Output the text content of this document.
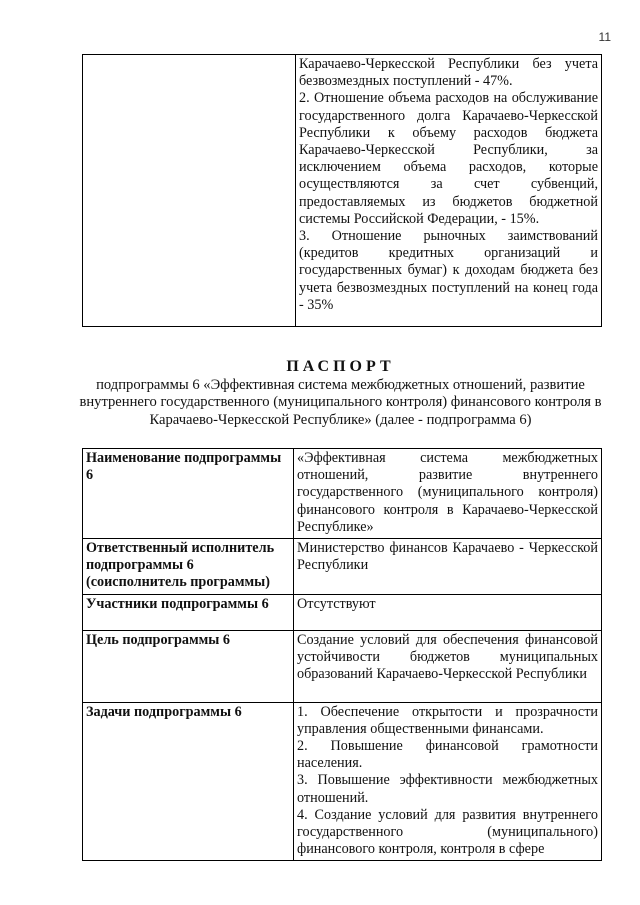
11

Карачаево-Черкесской Республики без учета безвозмездных поступлений - 47%.
2. Отношение объема расходов на обслуживание государственного долга Карачаево-Черкесской Республики к объему расходов бюджета Карачаево-Черкесской Республики, за исключением объема расходов, которые осуществляются за счет субвенций, предоставляемых из бюджетов бюджетной системы Российской Федерации, - 15%.
3. Отношение рыночных заимствований (кредитов кредитных организаций и государственных бумаг) к доходам бюджета без учета безвозмездных поступлений на конец года - 35%
ПАСПОРТ
подпрограммы 6 «Эффективная система межбюджетных отношений, развитие внутреннего государственного (муниципального контроля) финансового контроля в Карачаево-Черкесской Республике» (далее - подпрограмма 6)
Наименование подпрограммы 6	«Эффективная система межбюджетных отношений, развитие внутреннего государственного (муниципального контроля) финансового контроля в Карачаево-Черкесской Республике»
Ответственный исполнитель подпрограммы 6 (соисполнитель программы)	Министерство финансов Карачаево - Черкесской Республики
Участники подпрограммы 6	Отсутствуют
Цель подпрограммы 6	Создание условий для обеспечения финансовой устойчивости бюджетов муниципальных образований Карачаево-Черкесской Республики
Задачи подпрограммы 6	1. Обеспечение открытости и прозрачности управления общественными финансами.
2. Повышение финансовой грамотности населения.
3. Повышение эффективности межбюджетных отношений.
4. Создание условий для развития внутреннего государственного (муниципального) финансового контроля, контроля в сфере
